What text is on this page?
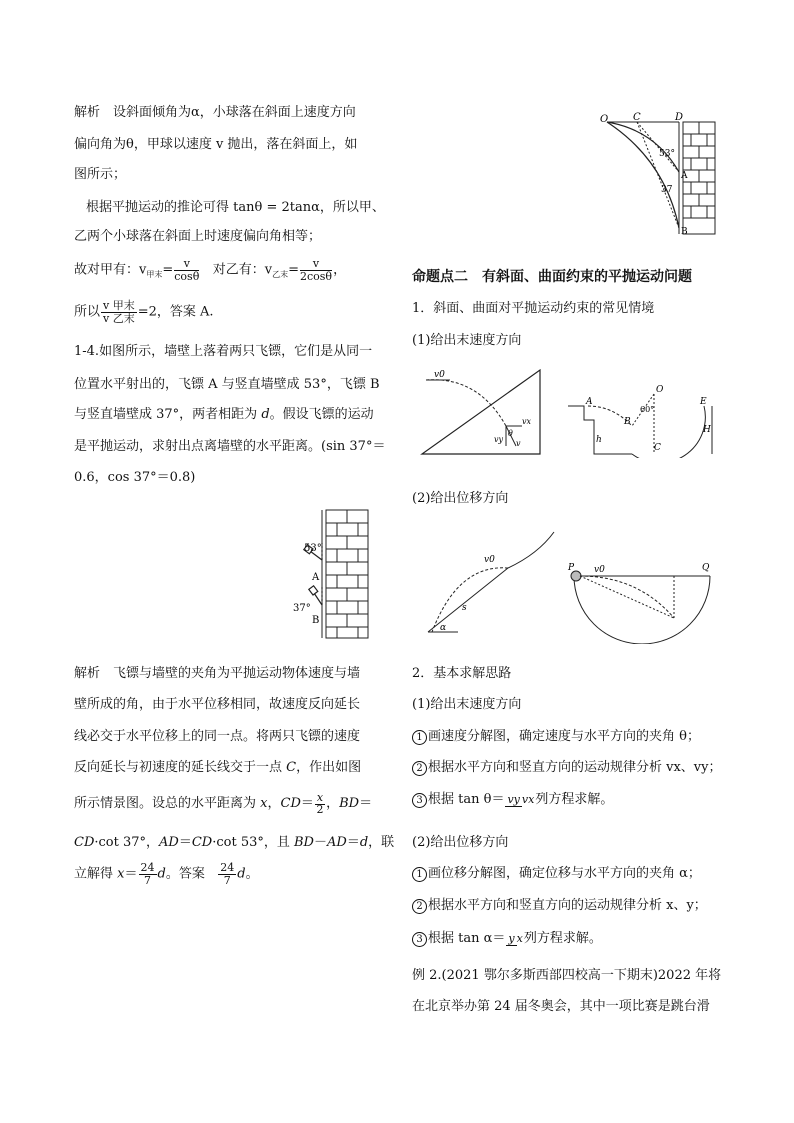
解析　设斜面倾角为α，小球落在斜面上速度方向
偏向角为θ，甲球以速度 v 抛出，落在斜面上，如
图所示；
根据平抛运动的推论可得 tanθ = 2tanα，所以甲、
乙两个小球落在斜面上时速度偏向角相等；
故对甲有：$v_{甲末}= \frac{v}{\cos\theta}$ 对乙有：$v_{乙末}= \frac{v}{2\cos\theta}$ ，
所以 $\frac{\text{v 甲末}}{\text{v 乙末}} =2$，答案 A.
1-4.如图所示，墙壁上落着两只飞镖，它们是从同一
位置水平射出的，飞镖 A 与竖直墙壁成 53°，飞镖 B
与竖直墙壁成 37°，两者相距为 d。假设飞镖的运动
是平抛运动，求射出点离墙壁的水平距离。(sin 37°＝
0.6，cos 37°＝0.8)
53°
A
37°
B
解析　飞镖与墙壁的夹角为平抛运动物体速度与墙
壁所成的角，由于水平位移相同，故速度反向延长
线必交于水平位移上的同一点。将两只飞镖的速度
反向延长与初速度的延长线交于一点 C，作出如图
所示情景图。设总的水平距离为 x，$CD=\frac{x}{2}$ ，BD＝
CD·cot 37°，AD＝CD·cot 53°，且 BD－AD＝d，联
立解得 $x= \frac{24}{7}$ d。答案 $\frac{24}{7}$ d。
O C	D
53°
A
37
B
命题点二　有斜面、曲面约束的平抛运动问题
1．斜面、曲面对平抛运动约束的常见情境
(1)给出末速度方向
v0
vx
vy v
θ
A
B
O
C
E
H
h
60°
(2)给出位移方向
v0
s
α
P v0	Q
2．基本求解思路
(1)给出末速度方向
1 画速度分解图，确定速度与水平方向的夹角 θ；
2 根据水平方向和竖直方向的运动规律分析 vx、vy；
3 根据 tan θ＝ vy vx列方程求解。
(2)给出位移方向
1 画位移分解图，确定位移与水平方向的夹角 α；
2 根据水平方向和竖直方向的运动规律分析 x、y；
3 根据 tan α＝ y x列方程求解。
例 2.(2021 鄂尔多斯西部四校高一下期末)2022 年将
在北京举办第 24 届冬奥会，其中一项比赛是跳台滑
